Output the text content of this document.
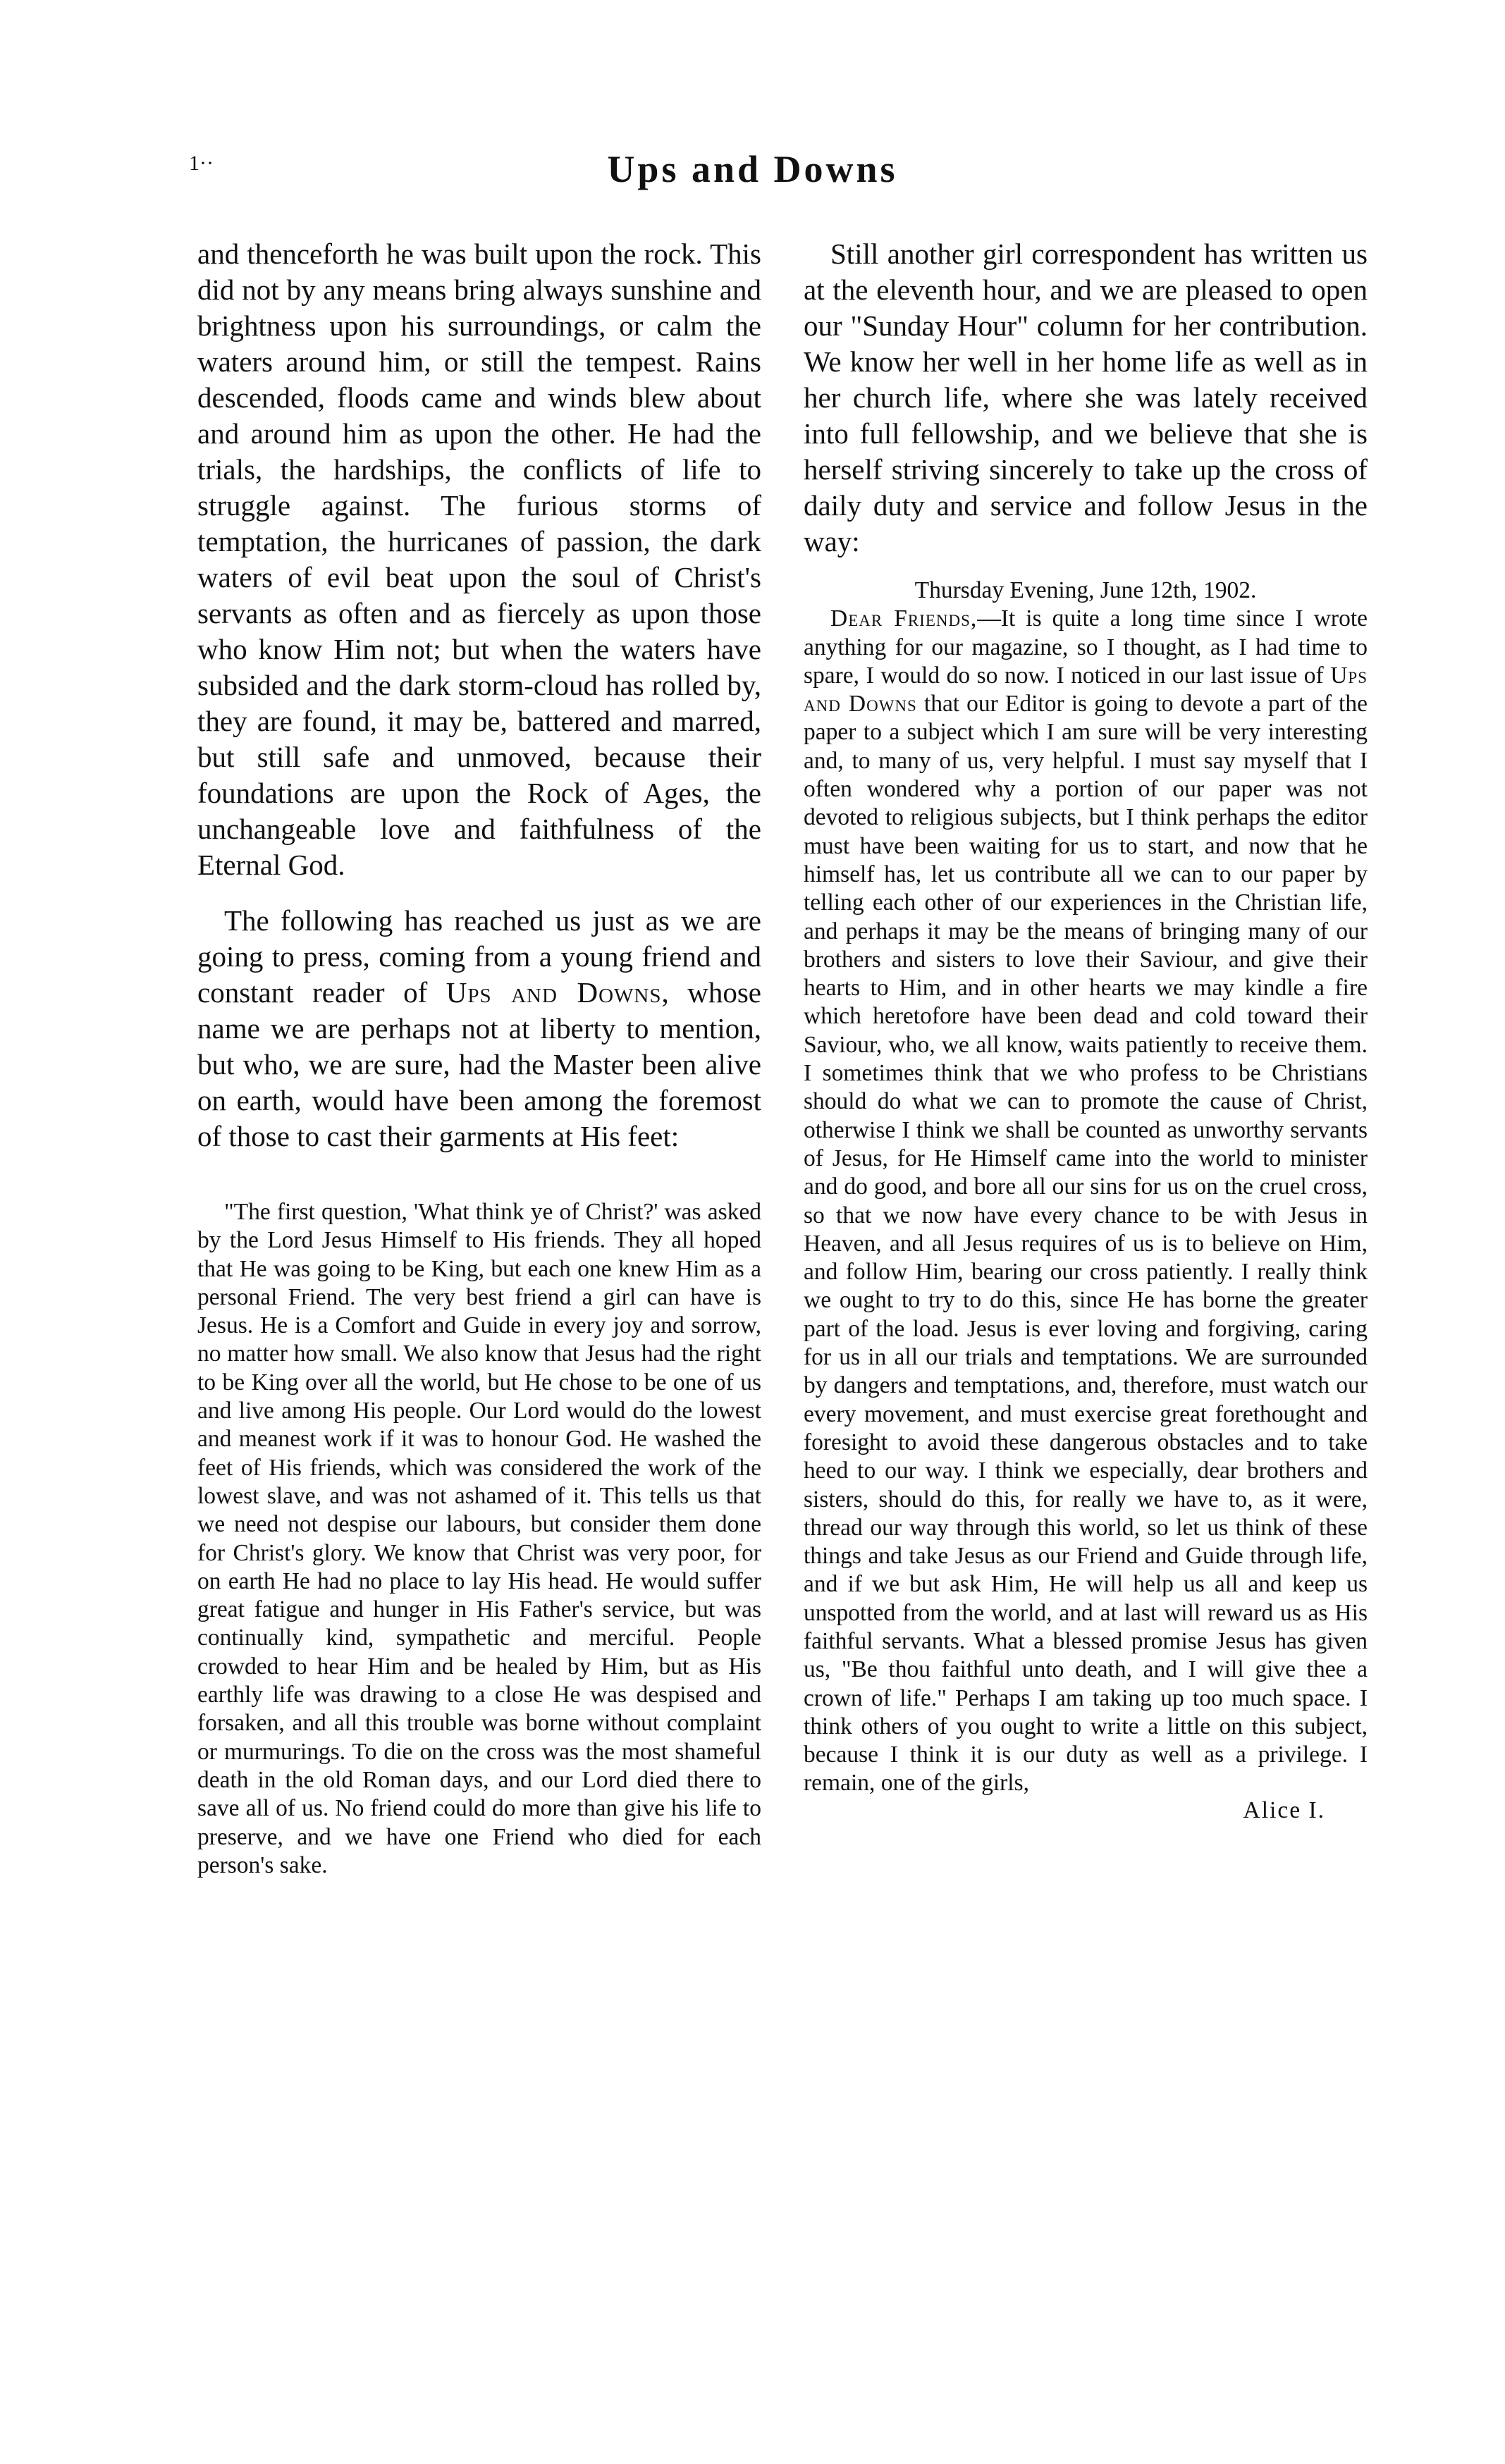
1··	Ups and Downs

and thenceforth he was built upon the rock. This did not by any means bring always sunshine and brightness upon his surroundings, or calm the waters around him, or still the tempest. Rains descended, floods came and winds blew about and around him as upon the other. He had the trials, the hardships, the conflicts of life to struggle against. The furious storms of temptation, the hurricanes of passion, the dark waters of evil beat upon the soul of Christ's servants as often and as fiercely as upon those who know Him not; but when the waters have subsided and the dark storm-cloud has rolled by, they are found, it may be, battered and marred, but still safe and unmoved, because their foundations are upon the Rock of Ages, the unchangeable love and faithfulness of the Eternal God.

The following has reached us just as we are going to press, coming from a young friend and constant reader of Ups and Downs, whose name we are perhaps not at liberty to mention, but who, we are sure, had the Master been alive on earth, would have been among the foremost of those to cast their garments at His feet:

"The first question, 'What think ye of Christ?' was asked by the Lord Jesus Himself to His friends. They all hoped that He was going to be King, but each one knew Him as a personal Friend. The very best friend a girl can have is Jesus. He is a Comfort and Guide in every joy and sorrow, no matter how small. We also know that Jesus had the right to be King over all the world, but He chose to be one of us and live among His people. Our Lord would do the lowest and meanest work if it was to honour God. He washed the feet of His friends, which was considered the work of the lowest slave, and was not ashamed of it. This tells us that we need not despise our labours, but consider them done for Christ's glory. We know that Christ was very poor, for on earth He had no place to lay His head. He would suffer great fatigue and hunger in His Father's service, but was continually kind, sympathetic and merciful. People crowded to hear Him and be healed by Him, but as His earthly life was drawing to a close He was despised and forsaken, and all this trouble was borne without complaint or murmurings. To die on the cross was the most shameful death in the old Roman days, and our Lord died there to save all of us. No friend could do more than give his life to preserve, and we have one Friend who died for each person's sake.

Still another girl correspondent has written us at the eleventh hour, and we are pleased to open our "Sunday Hour" column for her contribution. We know her well in her home life as well as in her church life, where she was lately received into full fellowship, and we believe that she is herself striving sincerely to take up the cross of daily duty and service and follow Jesus in the way:

Thursday Evening, June 12th, 1902.

Dear Friends,—It is quite a long time since I wrote anything for our magazine, so I thought, as I had time to spare, I would do so now. I noticed in our last issue of Ups and Downs that our Editor is going to devote a part of the paper to a subject which I am sure will be very interesting and, to many of us, very helpful. I must say myself that I often wondered why a portion of our paper was not devoted to religious subjects, but I think perhaps the editor must have been waiting for us to start, and now that he himself has, let us contribute all we can to our paper by telling each other of our experiences in the Christian life, and perhaps it may be the means of bringing many of our brothers and sisters to love their Saviour, and give their hearts to Him, and in other hearts we may kindle a fire which heretofore have been dead and cold toward their Saviour, who, we all know, waits patiently to receive them. I sometimes think that we who profess to be Christians should do what we can to promote the cause of Christ, otherwise I think we shall be counted as unworthy servants of Jesus, for He Himself came into the world to minister and do good, and bore all our sins for us on the cruel cross, so that we now have every chance to be with Jesus in Heaven, and all Jesus requires of us is to believe on Him, and follow Him, bearing our cross patiently. I really think we ought to try to do this, since He has borne the greater part of the load. Jesus is ever loving and forgiving, caring for us in all our trials and temptations. We are surrounded by dangers and temptations, and, therefore, must watch our every movement, and must exercise great forethought and foresight to avoid these dangerous obstacles and to take heed to our way. I think we especially, dear brothers and sisters, should do this, for really we have to, as it were, thread our way through this world, so let us think of these things and take Jesus as our Friend and Guide through life, and if we but ask Him, He will help us all and keep us unspotted from the world, and at last will reward us as His faithful servants. What a blessed promise Jesus has given us, "Be thou faithful unto death, and I will give thee a crown of life." Perhaps I am taking up too much space. I think others of you ought to write a little on this subject, because I think it is our duty as well as a privilege. I remain, one of the girls,

Alice I.
